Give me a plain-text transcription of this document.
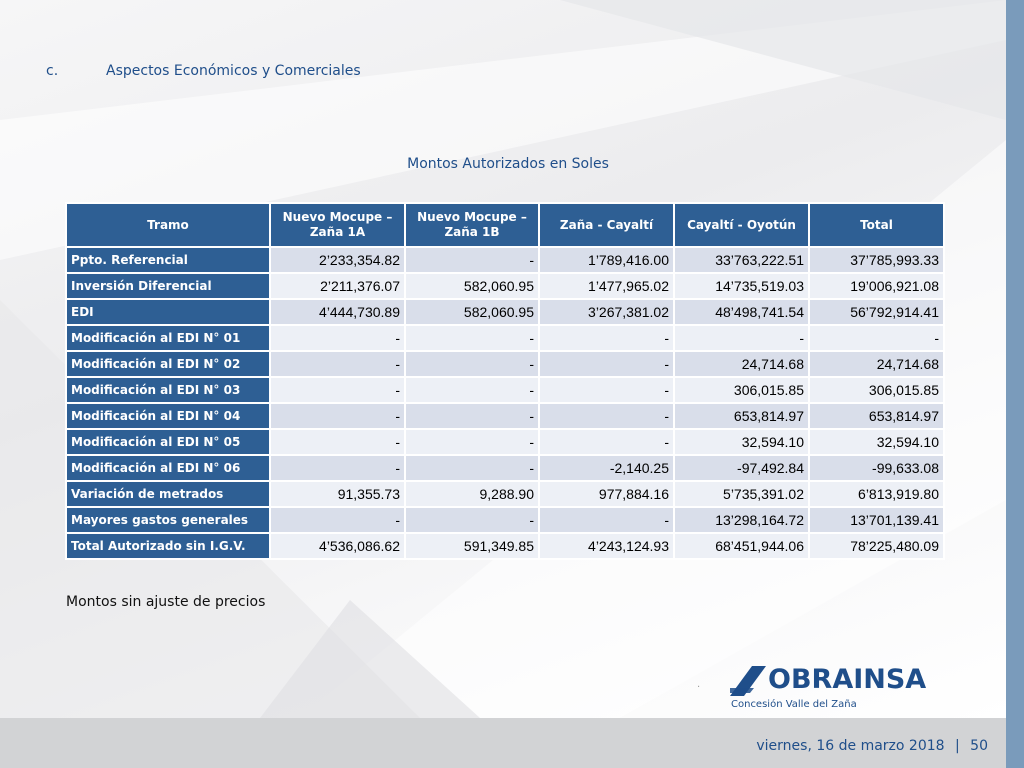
c.	Aspectos Económicos y Comerciales
Montos Autorizados en Soles
Tramo	Nuevo Mocupe – Zaña 1A	Nuevo Mocupe – Zaña 1B	Zaña - Cayaltí	Cayaltí - Oyotún	Total
Ppto. Referencial	2’233,354.82	-	1’789,416.00	33’763,222.51	37’785,993.33
Inversión Diferencial	2’211,376.07	582,060.95	1’477,965.02	14’735,519.03	19’006,921.08
EDI	4’444,730.89	582,060.95	3’267,381.02	48’498,741.54	56’792,914.41
Modificación al EDI N° 01	-	-	-	-	-
Modificación al EDI N° 02	-	-	-	24,714.68	24,714.68
Modificación al EDI N° 03	-	-	-	306,015.85	306,015.85
Modificación al EDI N° 04	-	-	-	653,814.97	653,814.97
Modificación al EDI N° 05	-	-	-	32,594.10	32,594.10
Modificación al EDI N° 06	-	-	-2,140.25	-97,492.84	-99,633.08
Variación de metrados	91,355.73	9,288.90	977,884.16	5’735,391.02	6’813,919.80
Mayores gastos generales	-	-	-	13’298,164.72	13’701,139.41
Total Autorizado sin I.G.V.	4’536,086.62	591,349.85	4’243,124.93	68’451,944.06	78’225,480.09
Montos sin ajuste de precios
·	OBRAINSA
Concesión Valle del Zaña
viernes, 16 de marzo 2018 | 50
